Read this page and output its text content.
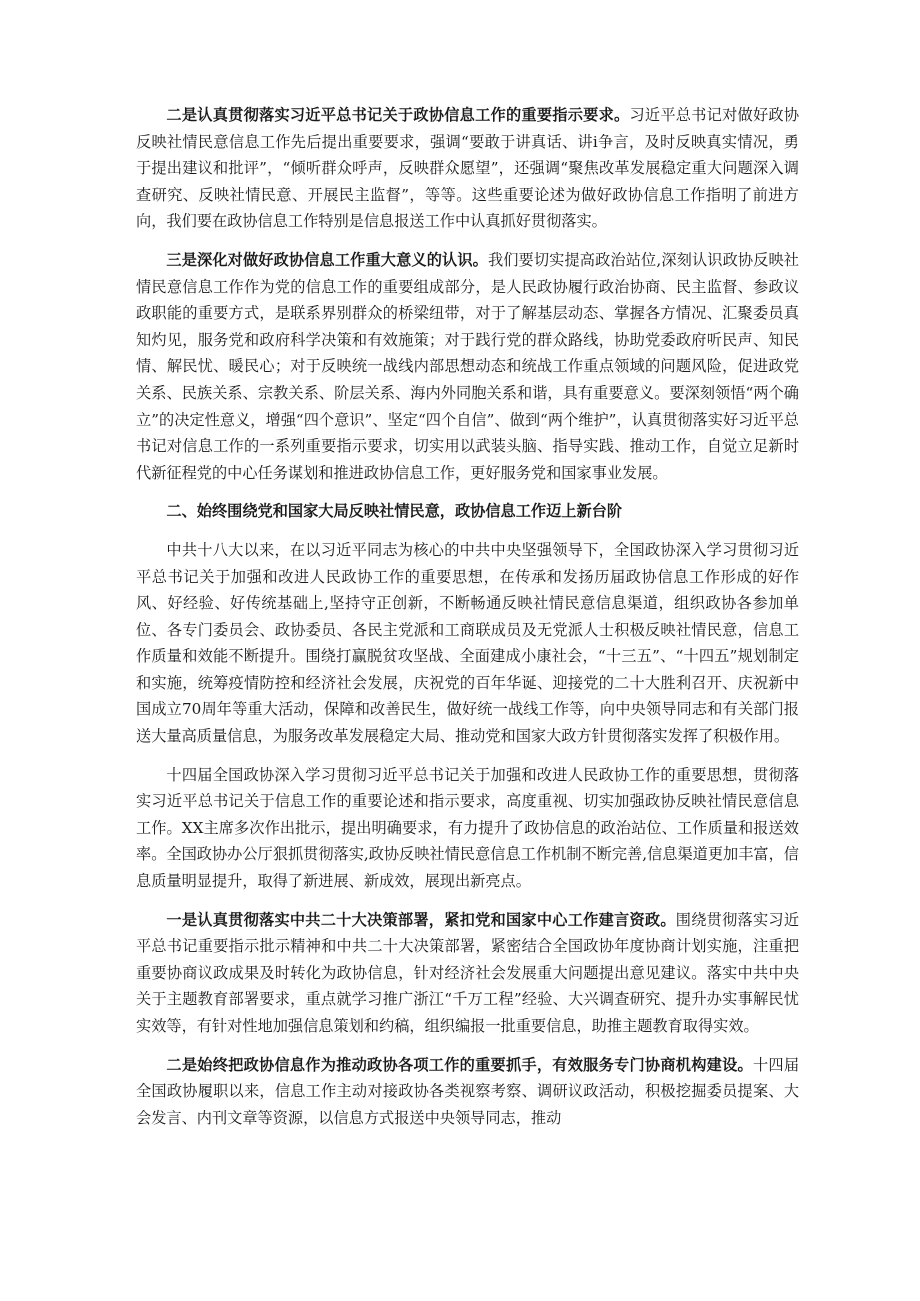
二是认真贯彻落实习近平总书记关于政协信息工作的重要指示要求。习近平总书记对做好政协反映社情民意信息工作先后提出重要要求，强调“要敢于讲真话、讲i争言，及时反映真实情况，勇于提出建议和批评”，“倾听群众呼声，反映群众愿望”，还强调“聚焦改革发展稳定重大问题深入调查研究、反映社情民意、开展民主监督”，等等。这些重要论述为做好政协信息工作指明了前进方向，我们要在政协信息工作特别是信息报送工作中认真抓好贯彻落实。

三是深化对做好政协信息工作重大意义的认识。我们要切实提高政治站位,深刻认识政协反映社情民意信息工作作为党的信息工作的重要组成部分，是人民政协履行政治协商、民主监督、参政议政职能的重要方式，是联系界别群众的桥梁纽带，对于了解基层动态、掌握各方情况、汇聚委员真知灼见，服务党和政府科学决策和有效施策；对于践行党的群众路线，协助党委政府听民声、知民情、解民忧、暖民心；对于反映统一战线内部思想动态和统战工作重点领域的问题风险，促进政党关系、民族关系、宗教关系、阶层关系、海内外同胞关系和谐，具有重要意义。要深刻领悟“两个确立”的决定性意义，增强“四个意识”、坚定“四个自信”、做到“两个维护”，认真贯彻落实好习近平总书记对信息工作的一系列重要指示要求，切实用以武装头脑、指导实践、推动工作，自觉立足新时代新征程党的中心任务谋划和推进政协信息工作，更好服务党和国家事业发展。

二、始终围绕党和国家大局反映社情民意，政协信息工作迈上新台阶

中共十八大以来，在以习近平同志为核心的中共中央坚强领导下，全国政协深入学习贯彻习近平总书记关于加强和改进人民政协工作的重要思想，在传承和发扬历届政协信息工作形成的好作风、好经验、好传统基础上,坚持守正创新，不断畅通反映社情民意信息渠道，组织政协各参加单位、各专门委员会、政协委员、各民主党派和工商联成员及无党派人士积极反映社情民意，信息工作质量和效能不断提升。围绕打赢脱贫攻坚战、全面建成小康社会，“十三五”、“十四五”规划制定和实施，统筹疫情防控和经济社会发展，庆祝党的百年华诞、迎接党的二十大胜利召开、庆祝新中国成立70周年等重大活动，保障和改善民生，做好统一战线工作等，向中央领导同志和有关部门报送大量高质量信息，为服务改革发展稳定大局、推动党和国家大政方针贯彻落实发挥了积极作用。

十四届全国政协深入学习贯彻习近平总书记关于加强和改进人民政协工作的重要思想，贯彻落实习近平总书记关于信息工作的重要论述和指示要求，高度重视、切实加强政协反映社情民意信息工作。XX主席多次作出批示，提出明确要求，有力提升了政协信息的政治站位、工作质量和报送效率。全国政协办公厅狠抓贯彻落实,政协反映社情民意信息工作机制不断完善,信息渠道更加丰富，信息质量明显提升，取得了新进展、新成效，展现出新亮点。

一是认真贯彻落实中共二十大决策部署，紧扣党和国家中心工作建言资政。围绕贯彻落实习近平总书记重要指示批示精神和中共二十大决策部署，紧密结合全国政协年度协商计划实施，注重把重要协商议政成果及时转化为政协信息，针对经济社会发展重大问题提出意见建议。落实中共中央关于主题教育部署要求，重点就学习推广浙江“千万工程”经验、大兴调查研究、提升办实事解民忧实效等，有针对性地加强信息策划和约稿，组织编报一批重要信息，助推主题教育取得实效。

二是始终把政协信息作为推动政协各项工作的重要抓手，有效服务专门协商机构建设。十四届全国政协履职以来，信息工作主动对接政协各类视察考察、调研议政活动，积极挖掘委员提案、大会发言、内刊文章等资源，以信息方式报送中央领导同志，推动
